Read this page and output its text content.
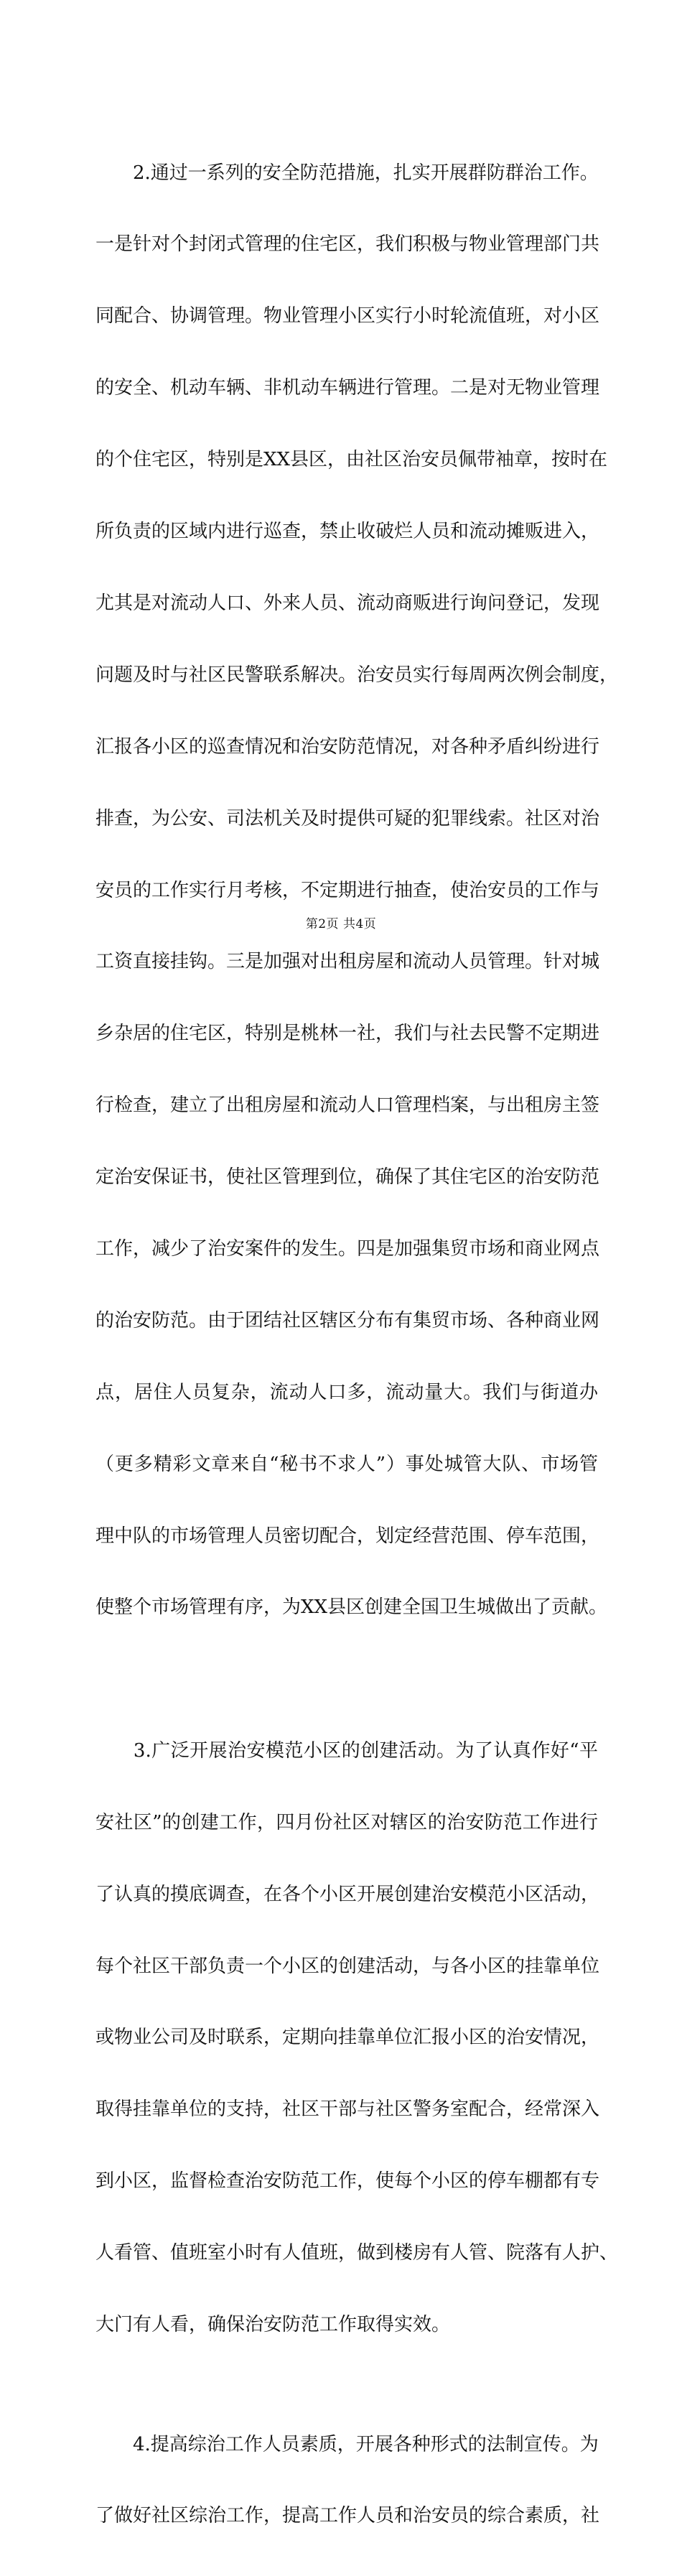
　　2.通过一系列的安全防范措施，扎实开展群防群治工作。

一是针对个封闭式管理的住宅区，我们积极与物业管理部门共

同配合、协调管理。物业管理小区实行小时轮流值班，对小区

的安全、机动车辆、非机动车辆进行管理。二是对无物业管理

的个住宅区，特别是XX县区，由社区治安员佩带袖章，按时在

所负责的区域内进行巡查，禁止收破烂人员和流动摊贩进入，

尤其是对流动人口、外来人员、流动商贩进行询问登记，发现

问题及时与社区民警联系解决。治安员实行每周两次例会制度，

汇报各小区的巡查情况和治安防范情况，对各种矛盾纠纷进行

排查，为公安、司法机关及时提供可疑的犯罪线索。社区对治

安员的工作实行月考核，不定期进行抽查，使治安员的工作与

工资直接挂钩。三是加强对出租房屋和流动人员管理。针对城

乡杂居的住宅区，特别是桃林一社，我们与社去民警不定期进

行检查，建立了出租房屋和流动人口管理档案，与出租房主签

定治安保证书，使社区管理到位，确保了其住宅区的治安防范

工作，减少了治安案件的发生。四是加强集贸市场和商业网点

的治安防范。由于团结社区辖区分布有集贸市场、各种商业网

点，居住人员复杂，流动人口多，流动量大。我们与街道办

（更多精彩文章来自“秘书不求人”）事处城管大队、市场管

理中队的市场管理人员密切配合，划定经营范围、停车范围，

使整个市场管理有序，为XX县区创建全国卫生城做出了贡献。

　　3.广泛开展治安模范小区的创建活动。为了认真作好“平

安社区”的创建工作，四月份社区对辖区的治安防范工作进行

了认真的摸底调查，在各个小区开展创建治安模范小区活动，

每个社区干部负责一个小区的创建活动，与各小区的挂靠单位

或物业公司及时联系，定期向挂靠单位汇报小区的治安情况，

取得挂靠单位的支持，社区干部与社区警务室配合，经常深入

到小区，监督检查治安防范工作，使每个小区的停车棚都有专

人看管、值班室小时有人值班，做到楼房有人管、院落有人护、

大门有人看，确保治安防范工作取得实效。

　　4.提高综治工作人员素质，开展各种形式的法制宣传。为

了做好社区综治工作，提高工作人员和治安员的综合素质，社

第2页 共4页
